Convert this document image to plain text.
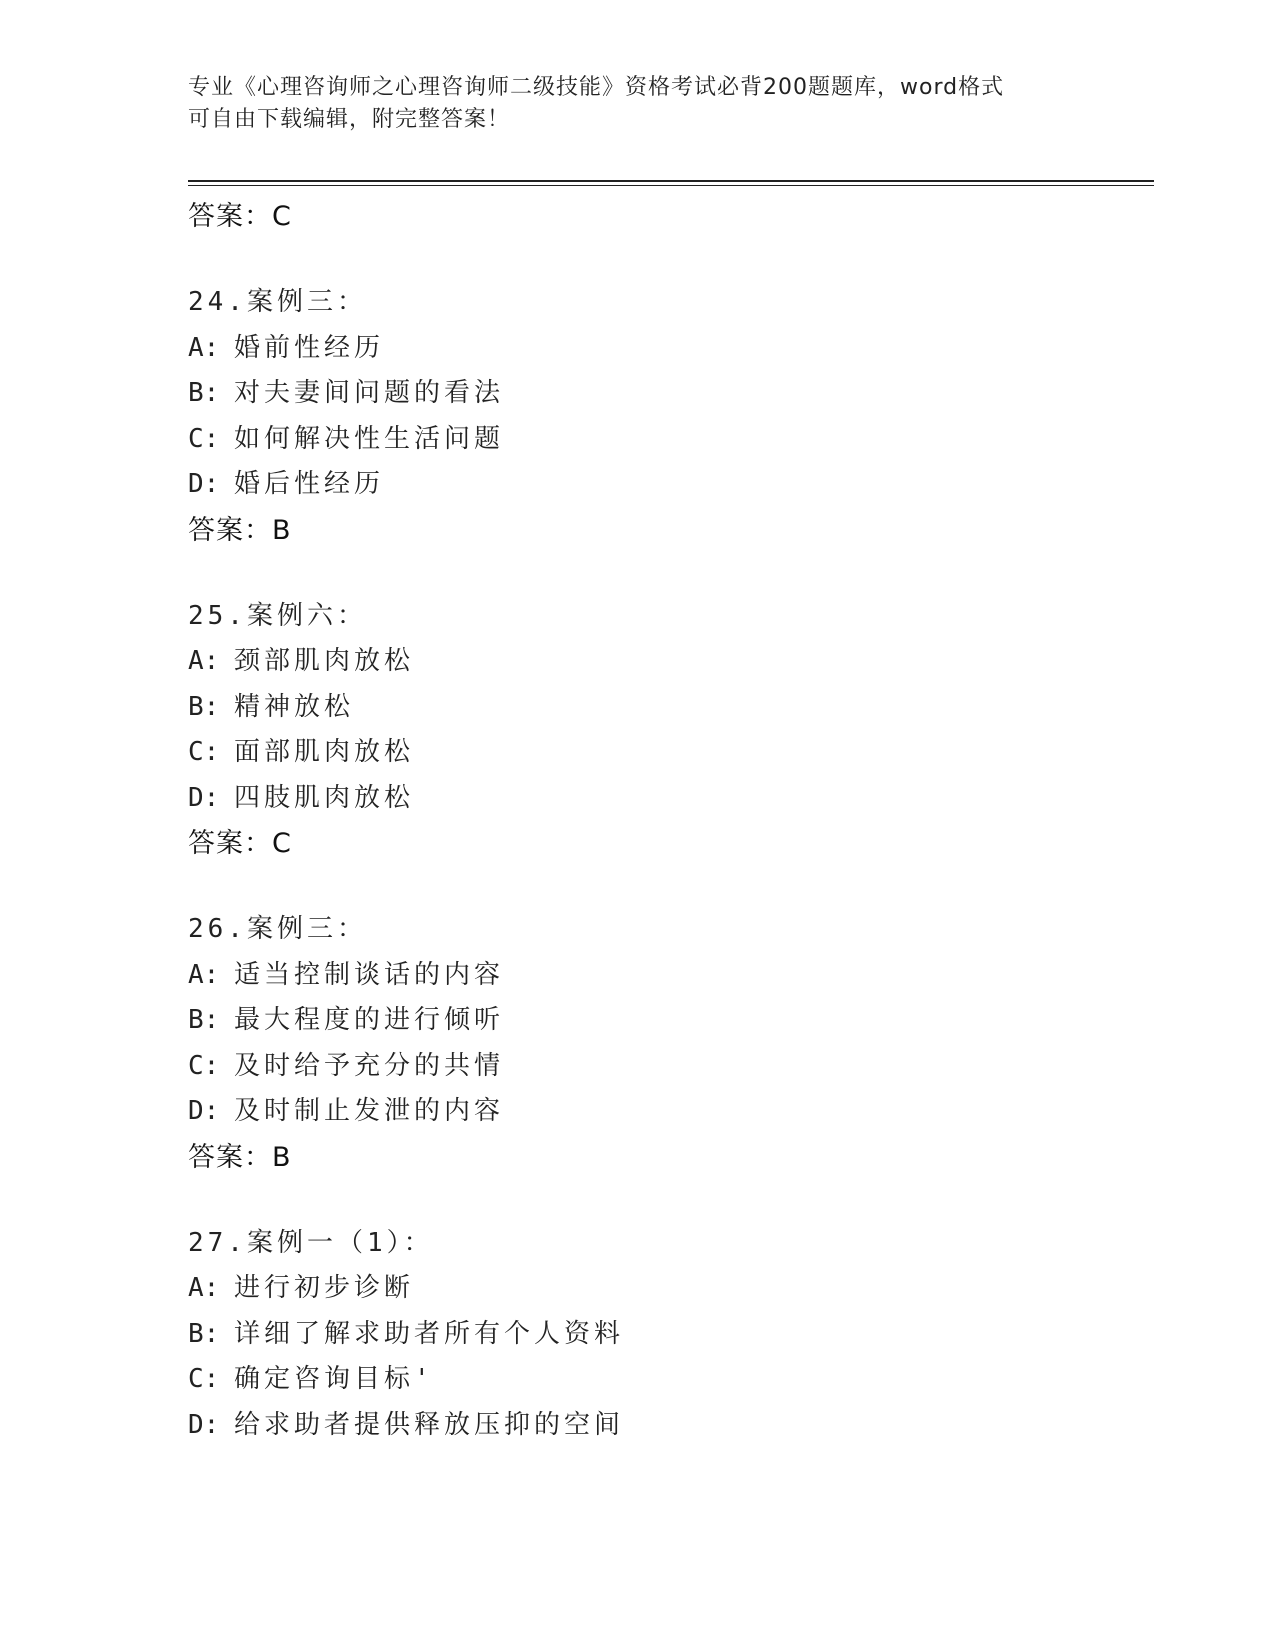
专业《心理咨询师之心理咨询师二级技能》资格考试必背200题题库，word格式
可自由下载编辑，附完整答案！
答案：C
24.案例三：
A: 婚前性经历
B: 对夫妻间问题的看法
C: 如何解决性生活问题
D: 婚后性经历
答案：B
25.案例六：
A: 颈部肌肉放松
B: 精神放松
C: 面部肌肉放松
D: 四肢肌肉放松
答案：C
26.案例三：
A: 适当控制谈话的内容
B: 最大程度的进行倾听
C: 及时给予充分的共情
D: 及时制止发泄的内容
答案：B
27.案例一（1）：
A: 进行初步诊断
B: 详细了解求助者所有个人资料
C: 确定咨询目标'
D: 给求助者提供释放压抑的空间
